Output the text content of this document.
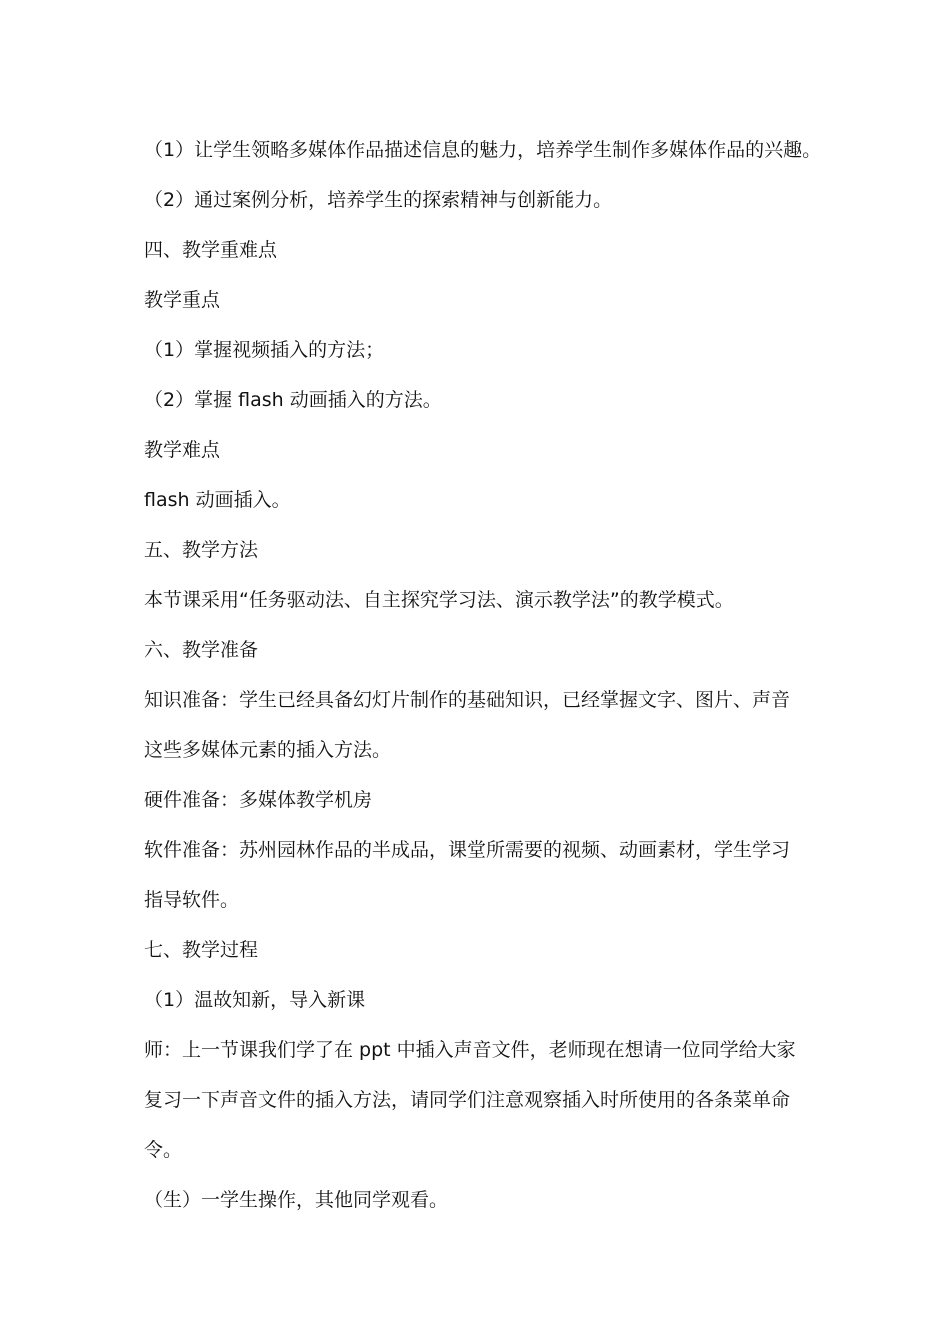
（1）让学生领略多媒体作品描述信息的魅力，培养学生制作多媒体作品的兴趣。
（2）通过案例分析，培养学生的探索精神与创新能力。
四、教学重难点
教学重点
（1）掌握视频插入的方法；
（2）掌握 flash 动画插入的方法。
教学难点
flash 动画插入。
五、教学方法
本节课采用“任务驱动法、自主探究学习法、演示教学法”的教学模式。
六、教学准备
知识准备：学生已经具备幻灯片制作的基础知识，已经掌握文字、图片、声音
这些多媒体元素的插入方法。
硬件准备：多媒体教学机房
软件准备：苏州园林作品的半成品，课堂所需要的视频、动画素材，学生学习
指导软件。
七、教学过程
（1）温故知新，导入新课
师：上一节课我们学了在 ppt 中插入声音文件，老师现在想请一位同学给大家
复习一下声音文件的插入方法，请同学们注意观察插入时所使用的各条菜单命
令。
（生）一学生操作，其他同学观看。
